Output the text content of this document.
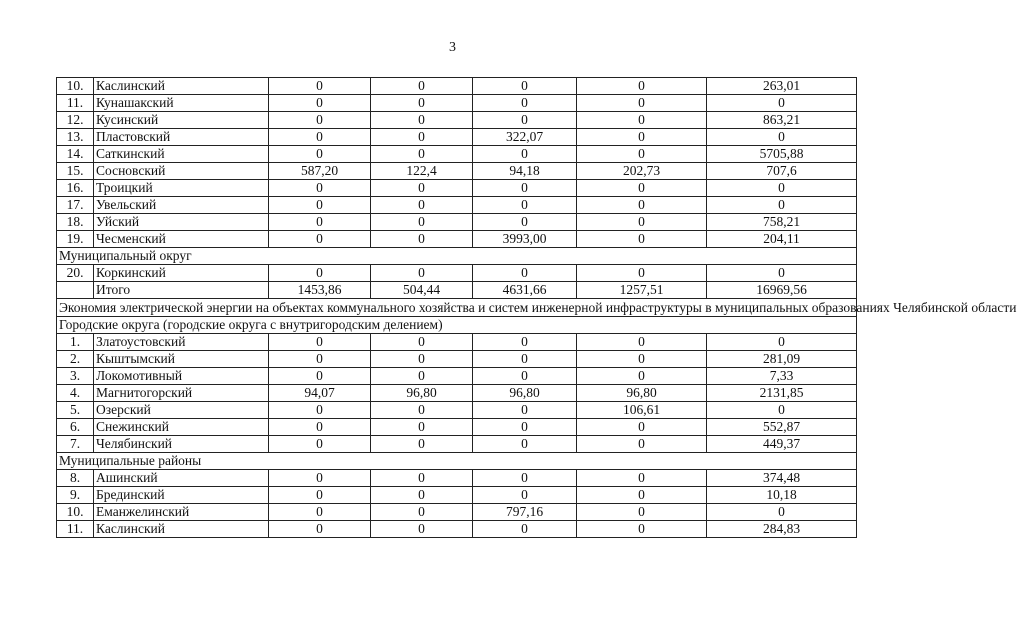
3
10.	Каслинский	0	0	0	0	263,01
11.	Кунашакский	0	0	0	0	0
12.	Кусинский	0	0	0	0	863,21
13.	Пластовский	0	0	322,07	0	0
14.	Саткинский	0	0	0	0	5705,88
15.	Сосновский	587,20	122,4	94,18	202,73	707,6
16.	Троицкий	0	0	0	0	0
17.	Увельский	0	0	0	0	0
18.	Уйский	0	0	0	0	758,21
19.	Чесменский	0	0	3993,00	0	204,11
Муниципальный округ						
20.	Коркинский	0	0	0	0	0
	Итого	1453,86	504,44	4631,66	1257,51	16969,56
Экономия электрической энергии на объектах коммунального хозяйства и систем инженерной инфраструктуры в муниципальных образованиях Челябинской области						
Городские округа (городские округа с внутригородским делением)						
1.	Златоустовский	0	0	0	0	0
2.	Кыштымский	0	0	0	0	281,09
3.	Локомотивный	0	0	0	0	7,33
4.	Магнитогорский	94,07	96,80	96,80	96,80	2131,85
5.	Озерский	0	0	0	106,61	0
6.	Снежинский	0	0	0	0	552,87
7.	Челябинский	0	0	0	0	449,37
Муниципальные районы						
8.	Ашинский	0	0	0	0	374,48
9.	Брединский	0	0	0	0	10,18
10.	Еманжелинский	0	0	797,16	0	0
11.	Каслинский	0	0	0	0	284,83
